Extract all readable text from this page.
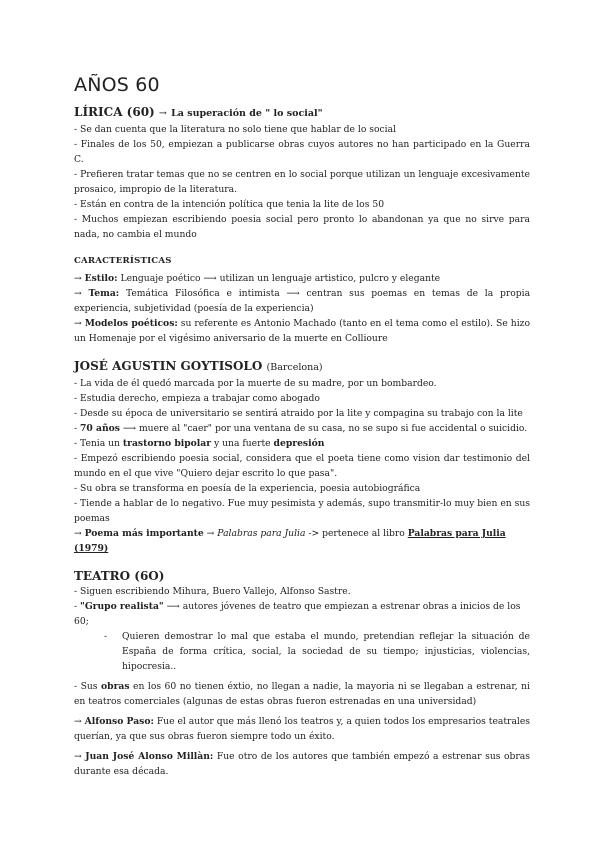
AÑOS 60
LÍRICA (60) → La superación de " lo social"
- Se dan cuenta que la literatura no solo tiene que hablar de lo social
- Finales de los 50, empiezan a publicarse obras cuyos autores no han participado en la Guerra C.
- Prefieren tratar temas que no se centren en lo social porque utilizan un lenguaje excesivamente prosaico, impropio de la literatura.
- Están en contra de la intención política que tenia la lite de los 50
- Muchos empiezan escribiendo poesia social pero pronto lo abandonan ya que no sirve para nada, no cambia el mundo
CARACTERÍSTICAS
→ Estilo: Lenguaje poético ⟶ utilizan un lenguaje artistico, pulcro y elegante
→ Tema: Temática Filosófica e intimista ⟶ centran sus poemas en temas de la propia experiencia, subjetividad (poesía de la experiencia)
→ Modelos poéticos: su referente es Antonio Machado (tanto en el tema como el estilo). Se hizo un Homenaje por el vigésimo aniversario de la muerte en Collioure
JOSÉ AGUSTIN GOYTISOLO (Barcelona)
- La vida de él quedó marcada por la muerte de su madre, por un bombardeo.
- Estudia derecho, empieza a trabajar como abogado
- Desde su época de universitario se sentirá atraido por la lite y compagina su trabajo con la lite
- 70 años ⟶ muere al "caer" por una ventana de su casa, no se supo si fue accidental o suicidio.
- Tenia un trastorno bipolar y una fuerte depresión
- Empezó escribiendo poesia social, considera que el poeta tiene como vision dar testimonio del mundo en el que vive "Quiero dejar escrito lo que pasa".
- Su obra se transforma en poesía de la experiencia, poesia autobiográfica
- Tiende a hablar de lo negativo. Fue muy pesimista y además, supo transmitir-lo muy bien en sus poemas
→ Poema más importante → Palabras para Julia -> pertenece al libro Palabras para Julia (1979)
TEATRO (6O)
- Siguen escribiendo Mihura, Buero Vallejo, Alfonso Sastre.
- "Grupo realista" ⟶ autores jóvenes de teatro que empiezan a estrenar obras a inicios de los 60;
- Quieren demostrar lo mal que estaba el mundo, pretendian reflejar la situación de España de forma crítica, social, la sociedad de su tiempo; injusticias, violencias, hipocresia..
- Sus obras en los 60 no tienen éxtio, no llegan a nadie, la mayoria ni se llegaban a estrenar, ni en teatros comerciales (algunas de estas obras fueron estrenadas en una universidad)
→ Alfonso Paso: Fue el autor que más llenó los teatros y, a quien todos los empresarios teatrales querían, ya que sus obras fueron siempre todo un éxito.
→ Juan José Alonso Millàn: Fue otro de los autores que también empezó a estrenar sus obras durante esa década.
